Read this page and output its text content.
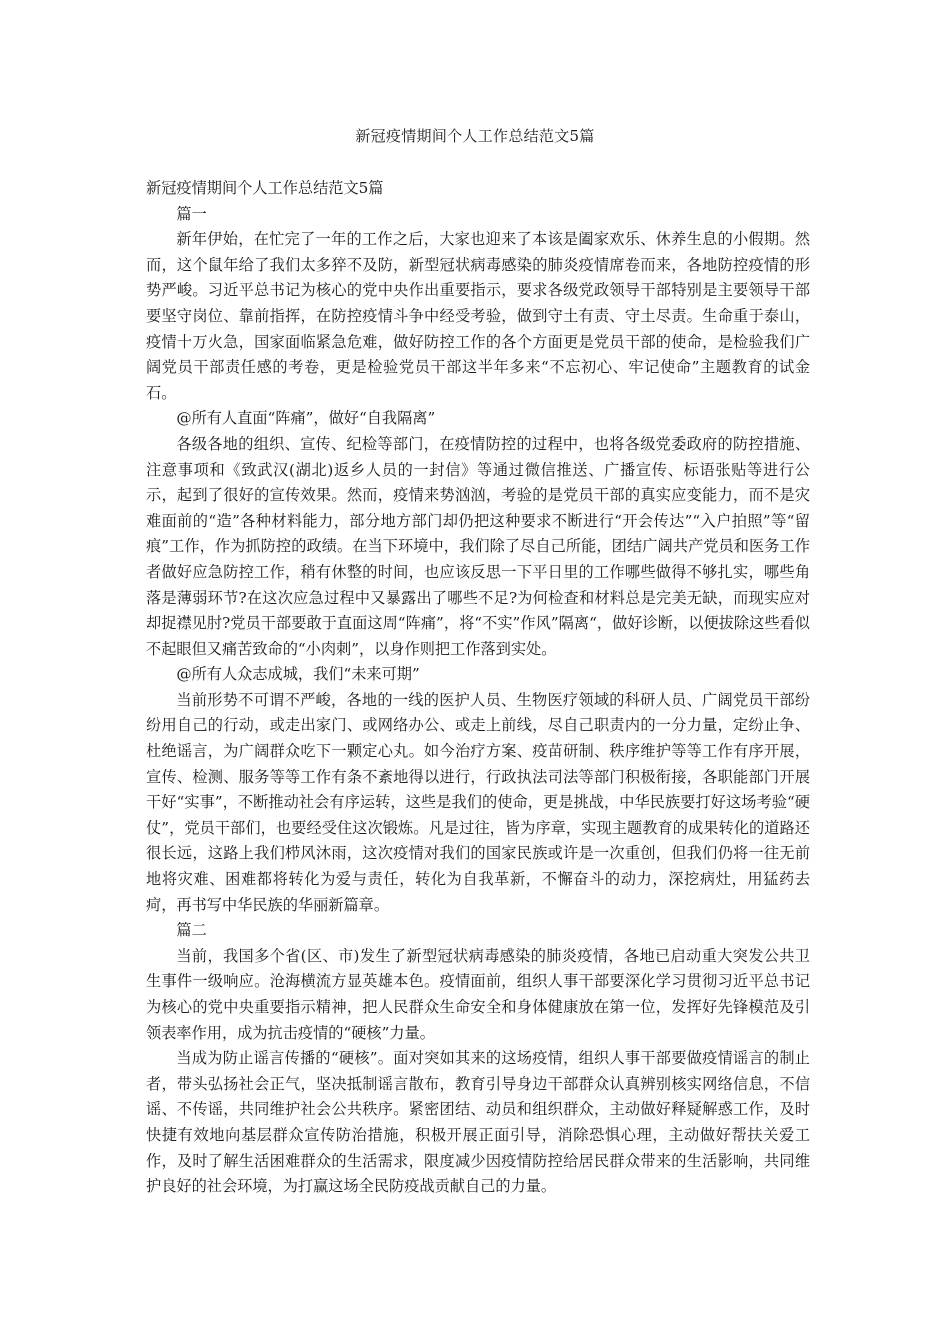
新冠疫情期间个人工作总结范文5篇
新冠疫情期间个人工作总结范文5篇

篇一

新年伊始，在忙完了一年的工作之后，大家也迎来了本该是阖家欢乐、休养生息的小假期。然而，这个鼠年给了我们太多猝不及防，新型冠状病毒感染的肺炎疫情席卷而来，各地防控疫情的形势严峻。习近平总书记为核心的党中央作出重要指示，要求各级党政领导干部特别是主要领导干部要坚守岗位、靠前指挥，在防控疫情斗争中经受考验，做到守土有责、守土尽责。生命重于泰山，疫情十万火急，国家面临紧急危难，做好防控工作的各个方面更是党员干部的使命，是检验我们广阔党员干部责任感的考卷，更是检验党员干部这半年多来“不忘初心、牢记使命”主题教育的试金石。

@所有人直面“阵痛”，做好“自我隔离”

各级各地的组织、宣传、纪检等部门，在疫情防控的过程中，也将各级党委政府的防控措施、注意事项和《致武汉(湖北)返乡人员的一封信》等通过微信推送、广播宣传、标语张贴等进行公示，起到了很好的宣传效果。然而，疫情来势汹汹，考验的是党员干部的真实应变能力，而不是灾难面前的“造”各种材料能力，部分地方部门却仍把这种要求不断进行“开会传达”“入户拍照”等“留痕”工作，作为抓防控的政绩。在当下环境中，我们除了尽自己所能，团结广阔共产党员和医务工作者做好应急防控工作，稍有休整的时间，也应该反思一下平日里的工作哪些做得不够扎实，哪些角落是薄弱环节?在这次应急过程中又暴露出了哪些不足?为何检查和材料总是完美无缺，而现实应对却捉襟见肘?党员干部要敢于直面这周“阵痛”，将“不实”作风”隔离“，做好诊断，以便拔除这些看似不起眼但又痛苦致命的“小肉刺”，以身作则把工作落到实处。

@所有人众志成城，我们“未来可期”

当前形势不可谓不严峻，各地的一线的医护人员、生物医疗领域的科研人员、广阔党员干部纷纷用自己的行动，或走出家门、或网络办公、或走上前线，尽自己职责内的一分力量，定纷止争、杜绝谣言，为广阔群众吃下一颗定心丸。如今治疗方案、疫苗研制、秩序维护等等工作有序开展，宣传、检测、服务等等工作有条不紊地得以进行，行政执法司法等部门积极衔接，各职能部门开展干好“实事”，不断推动社会有序运转，这些是我们的使命，更是挑战，中华民族要打好这场考验“硬仗”，党员干部们，也要经受住这次锻炼。凡是过往，皆为序章，实现主题教育的成果转化的道路还很长远，这路上我们栉风沐雨，这次疫情对我们的国家民族或许是一次重创，但我们仍将一往无前地将灾难、困难都将转化为爱与责任，转化为自我革新，不懈奋斗的动力，深挖病灶，用猛药去疴，再书写中华民族的华丽新篇章。

篇二

当前，我国多个省(区、市)发生了新型冠状病毒感染的肺炎疫情，各地已启动重大突发公共卫生事件一级响应。沧海横流方显英雄本色。疫情面前，组织人事干部要深化学习贯彻习近平总书记为核心的党中央重要指示精神，把人民群众生命安全和身体健康放在第一位，发挥好先锋模范及引领表率作用，成为抗击疫情的“硬核”力量。

当成为防止谣言传播的“硬核”。面对突如其来的这场疫情，组织人事干部要做疫情谣言的制止者，带头弘扬社会正气，坚决抵制谣言散布，教育引导身边干部群众认真辨别核实网络信息，不信谣、不传谣，共同维护社会公共秩序。紧密团结、动员和组织群众，主动做好释疑解惑工作，及时快捷有效地向基层群众宣传防治措施，积极开展正面引导，消除恐惧心理，主动做好帮扶关爱工作，及时了解生活困难群众的生活需求，限度减少因疫情防控给居民群众带来的生活影响，共同维护良好的社会环境，为打赢这场全民防疫战贡献自己的力量。
